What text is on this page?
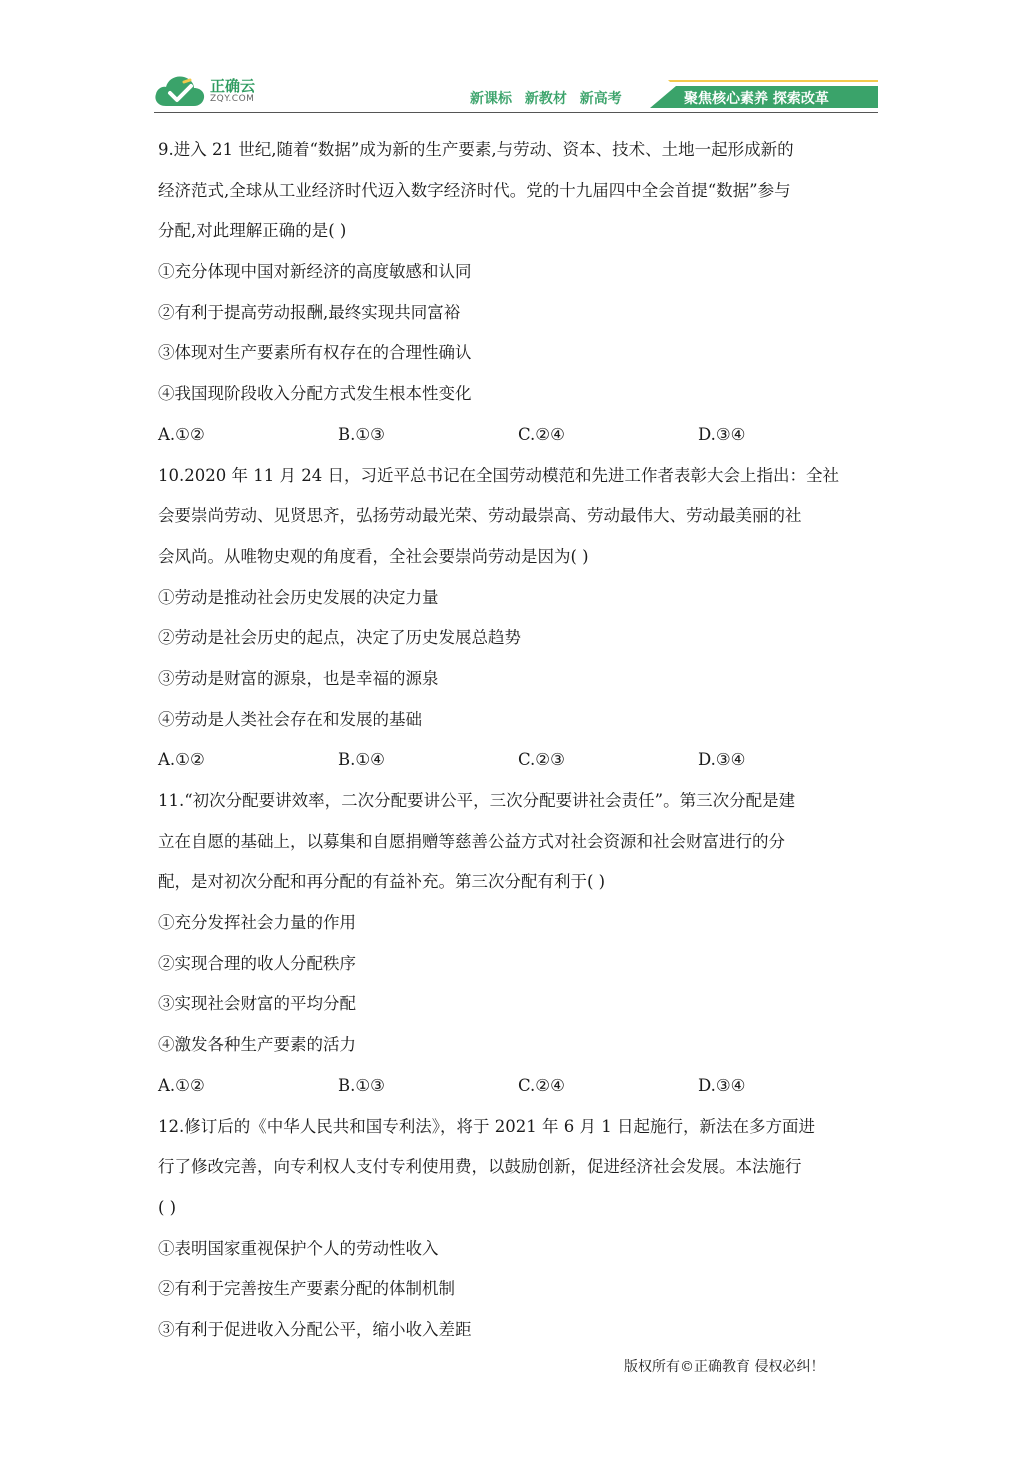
正确云
ZQY.COM	新课标 新教材 新高考	聚焦核心素养 探索改革
9.进入 21 世纪,随着“数据”成为新的生产要素,与劳动、资本、技术、土地一起形成新的
经济范式,全球从工业经济时代迈入数字经济时代。党的十九届四中全会首提“数据”参与
分配,对此理解正确的是( )
①充分体现中国对新经济的高度敏感和认同
②有利于提高劳动报酬,最终实现共同富裕
③体现对生产要素所有权存在的合理性确认
④我国现阶段收入分配方式发生根本性变化
A.①②	B.①③	C.②④	D.③④
10.2020 年 11 月 24 日，习近平总书记在全国劳动模范和先进工作者表彰大会上指出：全社
会要崇尚劳动、见贤思齐，弘扬劳动最光荣、劳动最崇高、劳动最伟大、劳动最美丽的社
会风尚。从唯物史观的角度看，全社会要崇尚劳动是因为( )
①劳动是推动社会历史发展的决定力量
②劳动是社会历史的起点，决定了历史发展总趋势
③劳动是财富的源泉，也是幸福的源泉
④劳动是人类社会存在和发展的基础
A.①②	B.①④	C.②③	D.③④
11.“初次分配要讲效率，二次分配要讲公平，三次分配要讲社会责任”。第三次分配是建
立在自愿的基础上，以募集和自愿捐赠等慈善公益方式对社会资源和社会财富进行的分
配，是对初次分配和再分配的有益补充。第三次分配有利于( )
①充分发挥社会力量的作用
②实现合理的收人分配秩序
③实现社会财富的平均分配
④激发各种生产要素的活力
A.①②	B.①③	C.②④	D.③④
12.修订后的《中华人民共和国专利法》，将于 2021 年 6 月 1 日起施行，新法在多方面进
行了修改完善，向专利权人支付专利使用费，以鼓励创新，促进经济社会发展。本法施行
( )
①表明国家重视保护个人的劳动性收入
②有利于完善按生产要素分配的体制机制
③有利于促进收入分配公平，缩小收入差距
版权所有©正确教育 侵权必纠！
